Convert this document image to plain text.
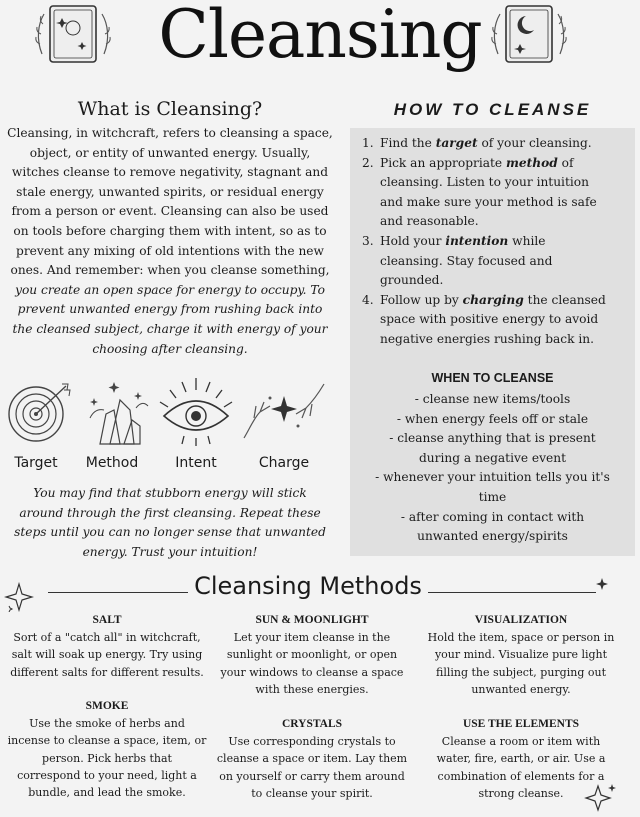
Cleansing
What is Cleansing?
Cleansing, in witchcraft, refers to cleansing a space,
object, or entity of unwanted energy. Usually,
witches cleanse to remove negativity, stagnant and
stale energy, unwanted spirits, or residual energy
from a person or event. Cleansing can also be used
on tools before charging them with intent, so as to
prevent any mixing of old intentions with the new
ones. And remember: when you cleanse something,
you create an open space for energy to occupy. To
prevent unwanted energy from rushing back into
the cleansed subject, charge it with energy of your
choosing after cleansing.
Target	Method	Intent	Charge
You may find that stubborn energy will stick
around through the first cleansing. Repeat these
steps until you can no longer sense that unwanted
energy. Trust your intuition!
HOW TO CLEANSE
1. Find the target of your cleansing.
2. Pick an appropriate method of
cleansing. Listen to your intuition
and make sure your method is safe
and reasonable.
3. Hold your intention while
cleansing. Stay focused and
grounded.
4. Follow up by charging the cleansed
space with positive energy to avoid
negative energies rushing back in.
WHEN TO CLEANSE
- cleanse new items/tools
- when energy feels off or stale
- cleanse anything that is present
during a negative event
- whenever your intuition tells you it's
time
- after coming in contact with
unwanted energy/spirits
Cleansing Methods
SALT
Sort of a "catch all" in witchcraft,
salt will soak up energy. Try using
different salts for different results.
SMOKE
Use the smoke of herbs and
incense to cleanse a space, item, or
person. Pick herbs that
correspond to your need, light a
bundle, and lead the smoke.
SUN & MOONLIGHT
Let your item cleanse in the
sunlight or moonlight, or open
your windows to cleanse a space
with these energies.
CRYSTALS
Use corresponding crystals to
cleanse a space or item. Lay them
on yourself or carry them around
to cleanse your spirit.
VISUALIZATION
Hold the item, space or person in
your mind. Visualize pure light
filling the subject, purging out
unwanted energy.
USE THE ELEMENTS
Cleanse a room or item with
water, fire, earth, or air. Use a
combination of elements for a
strong cleanse.
